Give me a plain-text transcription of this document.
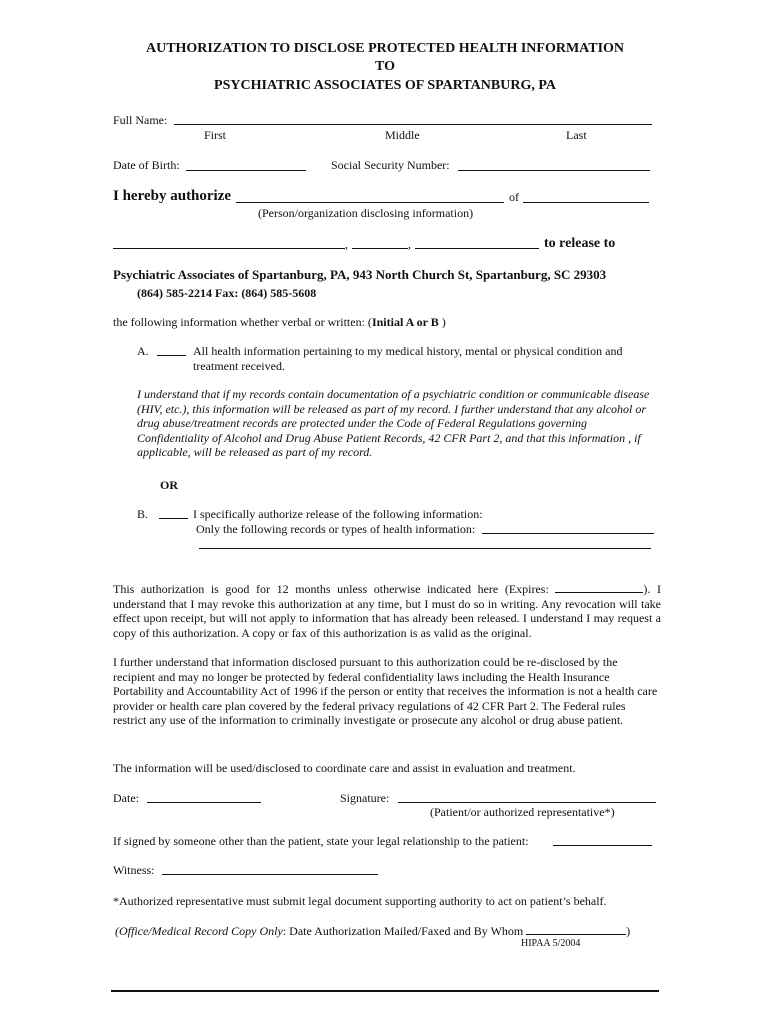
AUTHORIZATION TO DISCLOSE PROTECTED HEALTH INFORMATION
TO
PSYCHIATRIC ASSOCIATES OF SPARTANBURG, PA
Full Name:
First	Middle	Last
Date of Birth:	Social Security Number:
I hereby authorize	of
(Person/organization disclosing information)
,	,	to release to
Psychiatric Associates of Spartanburg, PA, 943 North Church St, Spartanburg, SC 29303
(864) 585-2214 Fax: (864) 585-5608
the following information whether verbal or written: (Initial A or B )
A.	All health information pertaining to my medical history, mental or physical condition and
treatment received.
I understand that if my records contain documentation of a psychiatric condition or communicable disease (HIV, etc.), this information will be released as part of my record. I further understand that any alcohol or drug abuse/treatment records are protected under the Code of Federal Regulations governing Confidentiality of Alcohol and Drug Abuse Patient Records, 42 CFR Part 2, and that this information , if applicable, will be released as part of my record.
OR
B.	I specifically authorize release of the following information:
Only the following records or types of health information:
This authorization is good for 12 months unless otherwise indicated here (Expires:	). I understand that I may revoke this authorization at any time, but I must do so in writing. Any revocation will take effect upon receipt, but will not apply to information that has already been released. I understand I may request a copy of this authorization. A copy or fax of this authorization is as valid as the original.
I further understand that information disclosed pursuant to this authorization could be re-disclosed by the recipient and may no longer be protected by federal confidentiality laws including the Health Insurance Portability and Accountability Act of 1996 if the person or entity that receives the information is not a health care provider or health care plan covered by the federal privacy regulations of 42 CFR Part 2. The Federal rules restrict any use of the information to criminally investigate or prosecute any alcohol or drug abuse patient.
The information will be used/disclosed to coordinate care and assist in evaluation and treatment.
Date:	Signature:
(Patient/or authorized representative*)
If signed by someone other than the patient, state your legal relationship to the patient:
Witness:
*Authorized representative must submit legal document supporting authority to act on patient’s behalf.
(Office/Medical Record Copy Only: Date Authorization Mailed/Faxed and By Whom	)
HIPAA 5/2004
